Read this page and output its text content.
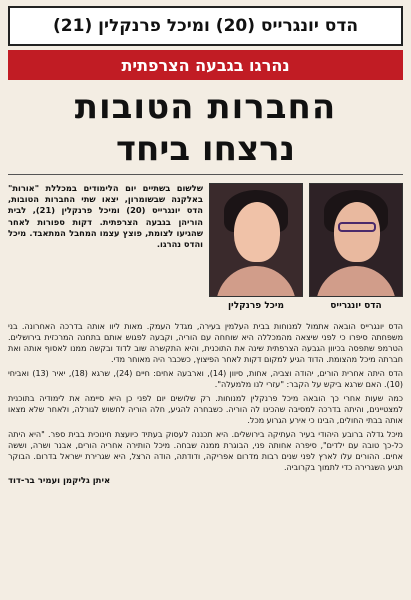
הדס יונגרייס (20) ומיכל פרנקלין (21)
נהרגו בגבעה הצרפתית
החברות הטובות
נרצחו ביחד
הדס יונגרייס
מיכל פרנקלין
שלשום בשתיים יום הלימודים במכללת "אורות" באלקנה שבשומרון, יצאו שתי החברות הטובות, הדס יונגרייס (20) ומיכל פרנקלין (21), לבית הוריהן בגבעה הצרפתית. דקות ספורות לאחר שהגיעו לצומת, פוצץ עצמו המחבל המתאבד. מיכל והדס נהרגו.

הדס יונגרייס הובאה אתמול למנוחות בבית העלמין בעירה, מגדל העמק. מאות ליוו אותה בדרכה האחרונה. בני משפחתה סיפרו כי לפני שיצאה מהמכללה היא שוחחה עם הוריה, וקבעה לפגוש אותם בתחנה המרכזית בירושלים. הטרמפ שתפסה בכיוון הגבעה הצרפתית שינה את התוכנית, והיא התקשרה שוב לדוד ובקשה ממנו לאסוף אותה ואת חברתה מיכל מהצומת. הדוד הגיע למקום דקות לאחר הפיצוץ, כשכבר היה מאוחר מדי.

הדס היתה אחרית הורים, יהודה וצביה, אחות, סיוון (14), וארבעה אחים: חיים (24), שרגא (18), יאיר (13) ואביחי (10). האם שרגא ביקש על הקבר: "עזרי לנו מלמעלה".

כמה שעות אחרי כך הובאה מיכל פרנקלין למנוחות. רק שלושים יום לפני כן היא סיימה את לימודיה בתוכנית למצטיינים, והיתה בדרכה למסיבה שהכינו לה הוריה. כשבחרה להגיע, חלה הוריה לחשוש לגורלה, ולאחר שלא מצאו אותה בבתי החולים, הבינו כי אירע הגרוע מכל.

מיכל גדלה ברובע היהודי בעיר העתיקה בירושלים. היא תכננה לעסוק בעתיד כיועצת חינוכית בבית ספר. "היא היתה כל-כך טובה עם ילדים", סיפרה אחותה פני, הבוגרת ממנה שבחה. מיכל הותירה אחריה הורים, אבנר ושרה, וששה אחים. ההורים עלו לארץ לפני שנים רבות מדרום אפריקה, ודודתה, הודה הרצל, היא שגרירת ישראל בדרום. הבוקר תגיע השגרירה כדי לתמוך בקרוביה.

איתן גליקמן ועמיר בר-דוד
